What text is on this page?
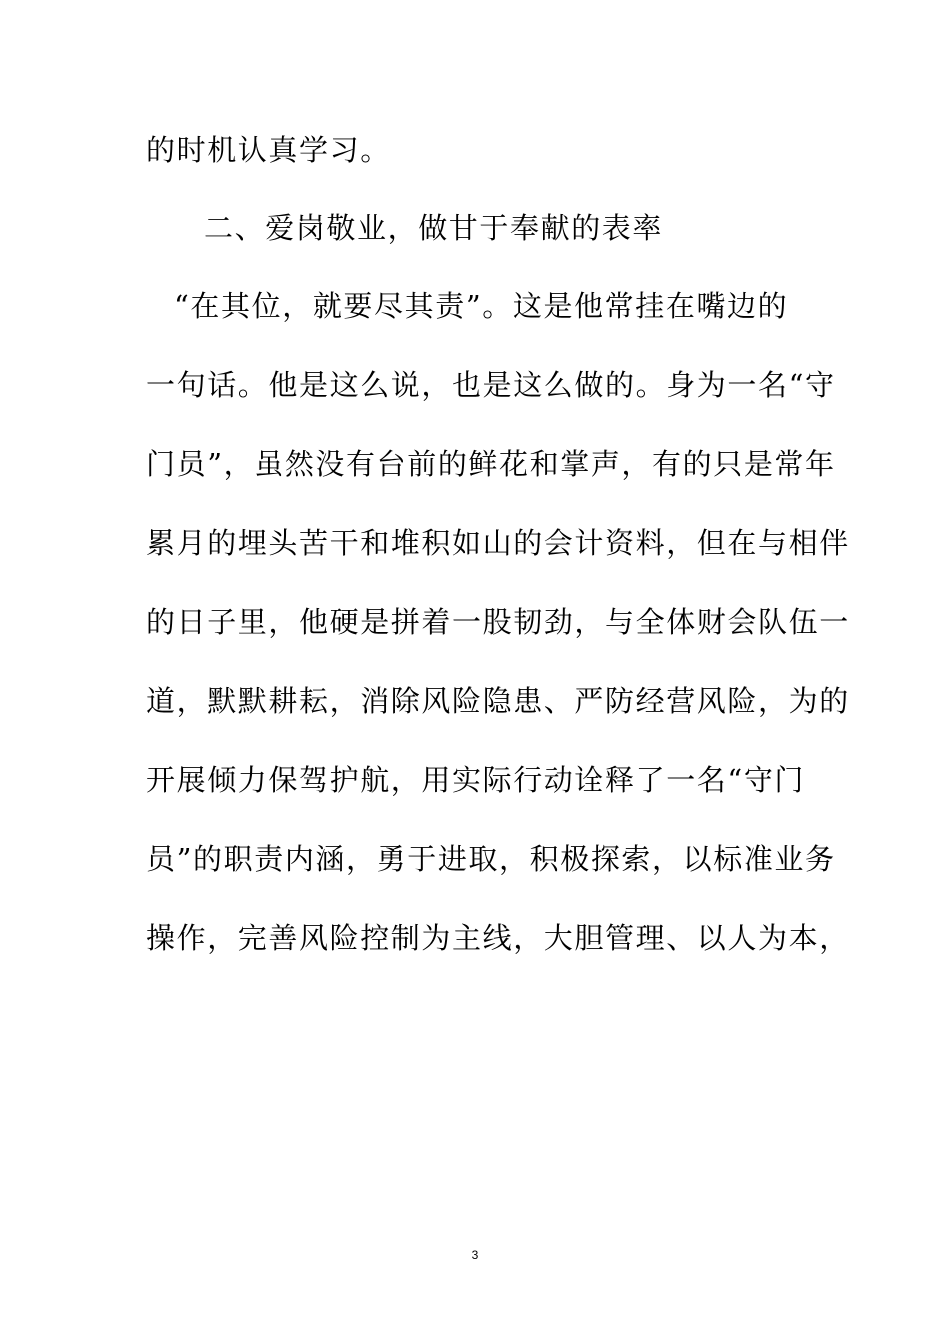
的时机认真学习。
二、爱岗敬业，做甘于奉献的表率
“在其位，就要尽其责”。这是他常挂在嘴边的
一句话。他是这么说，也是这么做的。身为一名“守
门员”，虽然没有台前的鲜花和掌声，有的只是常年
累月的埋头苦干和堆积如山的会计资料，但在与相伴
的日子里，他硬是拼着一股韧劲，与全体财会队伍一
道，默默耕耘，消除风险隐患、严防经营风险，为的
开展倾力保驾护航，用实际行动诠释了一名“守门
员”的职责内涵，勇于进取，积极探索，以标准业务
操作，完善风险控制为主线，大胆管理、以人为本，
3
